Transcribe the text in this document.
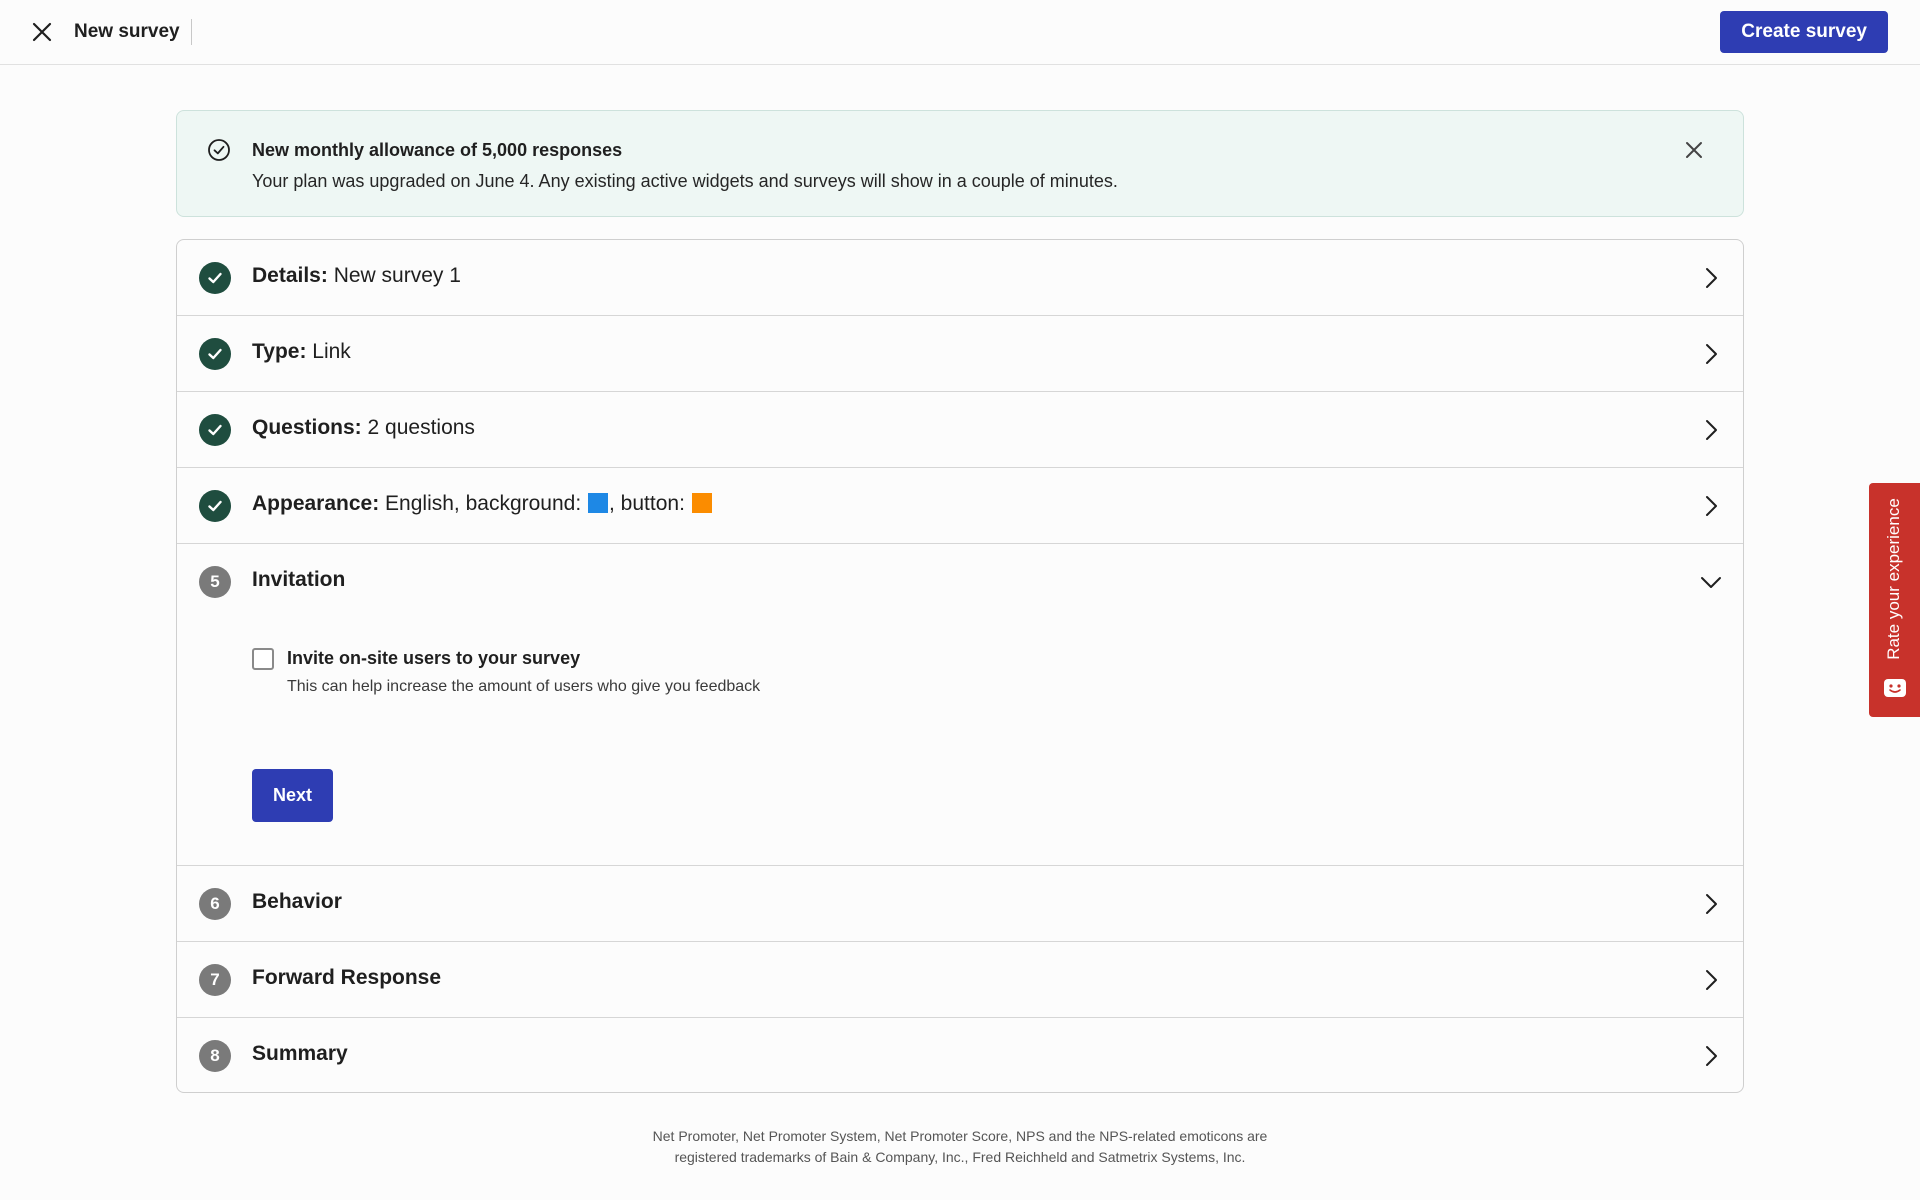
New survey	Create survey
New monthly allowance of 5,000 responses
Your plan was upgraded on June 4. Any existing active widgets and surveys will show in a couple of minutes.
Details: New survey 1
Type: Link
Questions: 2 questions
Appearance: English, background: , button:
5	Invitation
Invite on-site users to your survey
This can help increase the amount of users who give you feedback
Next
6	Behavior
7	Forward Response
8	Summary
Net Promoter, Net Promoter System, Net Promoter Score, NPS and the NPS-related emoticons are
registered trademarks of Bain & Company, Inc., Fred Reichheld and Satmetrix Systems, Inc.
Rate your experience
